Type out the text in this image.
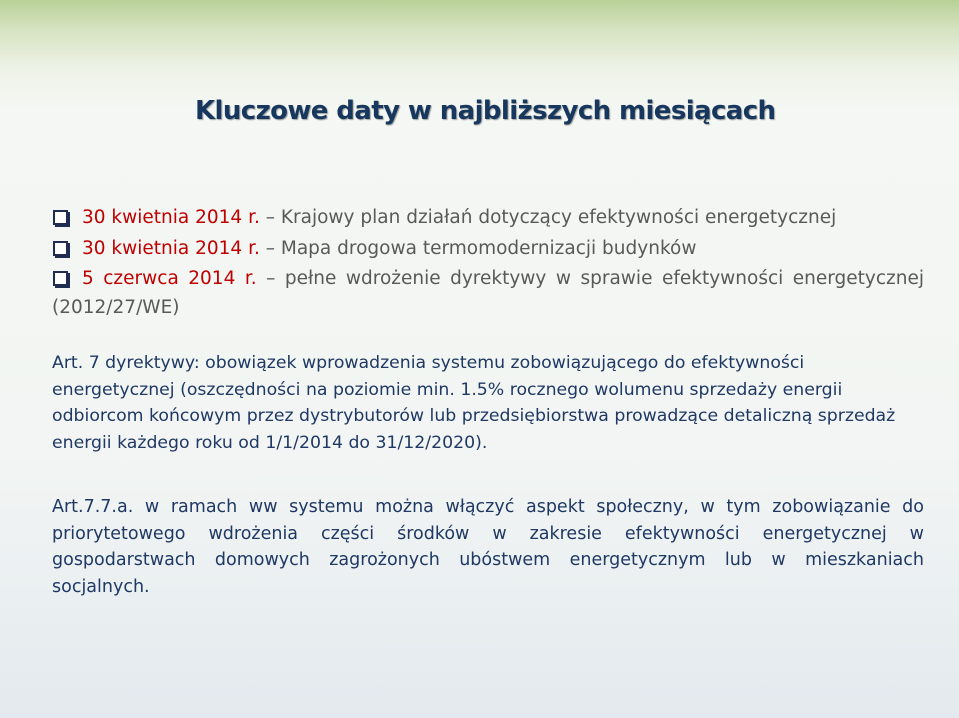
Kluczowe daty w najbliższych miesiącach
30 kwietnia 2014 r. – Krajowy plan działań dotyczący efektywności energetycznej
30 kwietnia 2014 r. – Mapa drogowa termomodernizacji budynków
5 czerwca 2014 r. – pełne wdrożenie dyrektywy w sprawie efektywności energetycznej (2012/27/WE)

Art. 7 dyrektywy: obowiązek wprowadzenia systemu zobowiązującego do efektywności energetycznej (oszczędności na poziomie min. 1.5% rocznego wolumenu sprzedaży energii odbiorcom końcowym przez dystrybutorów lub przedsiębiorstwa prowadzące detaliczną sprzedaż energii każdego roku od 1/1/2014 do 31/12/2020).

Art.7.7.a. w ramach ww systemu można włączyć aspekt społeczny, w tym zobowiązanie do priorytetowego wdrożenia części środków w zakresie efektywności energetycznej w gospodarstwach domowych zagrożonych ubóstwem energetycznym lub w mieszkaniach socjalnych.
